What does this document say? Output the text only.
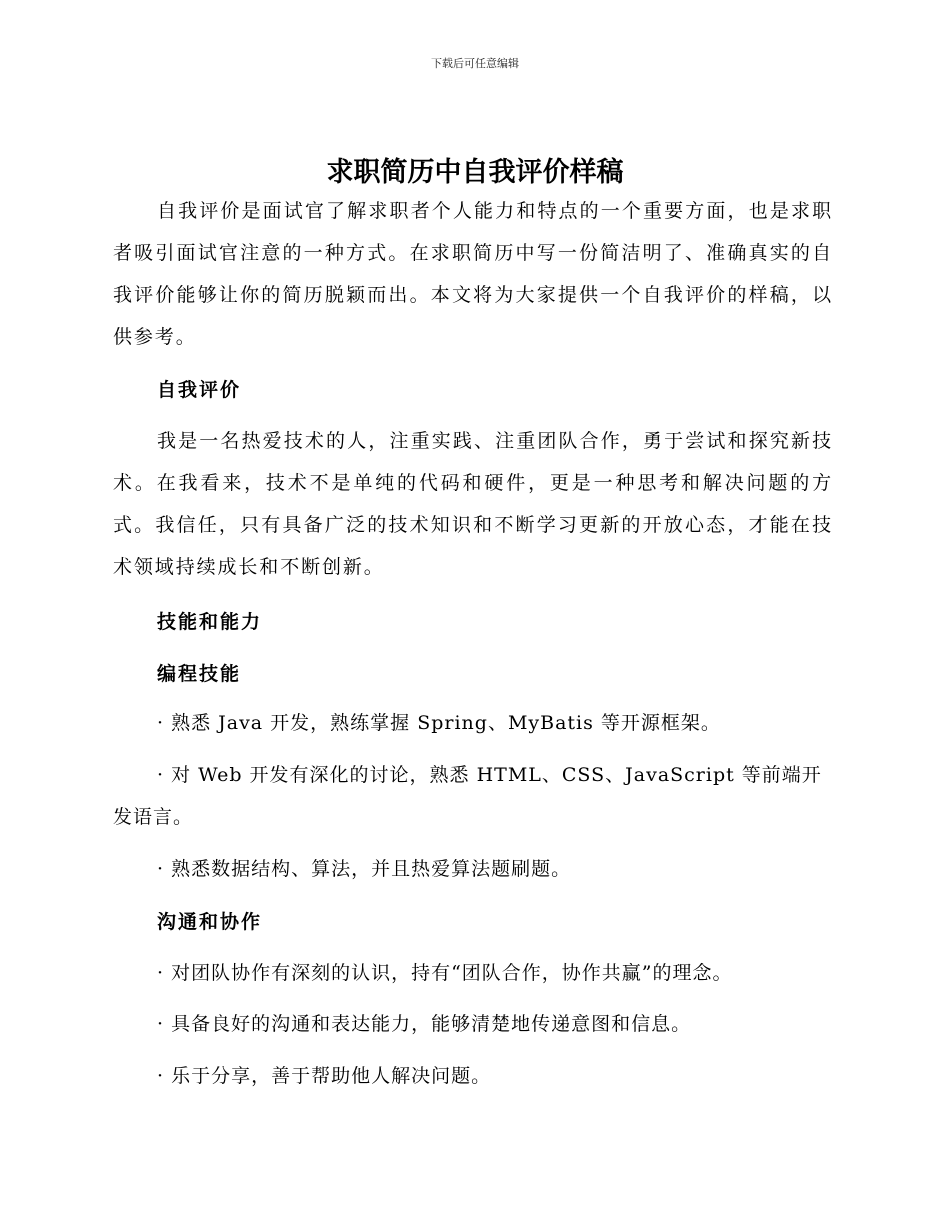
下载后可任意编辑
求职简历中自我评价样稿

自我评价是面试官了解求职者个人能力和特点的一个重要方面，也是求职者吸引面试官注意的一种方式。在求职简历中写一份简洁明了、准确真实的自我评价能够让你的简历脱颖而出。本文将为大家提供一个自我评价的样稿，以供参考。

自我评价

我是一名热爱技术的人，注重实践、注重团队合作，勇于尝试和探究新技术。在我看来，技术不是单纯的代码和硬件，更是一种思考和解决问题的方式。我信任，只有具备广泛的技术知识和不断学习更新的开放心态，才能在技术领域持续成长和不断创新。

技能和能力

编程技能

· 熟悉 Java 开发，熟练掌握 Spring、MyBatis 等开源框架。

· 对 Web 开发有深化的讨论，熟悉 HTML、CSS、JavaScript 等前端开发语言。

· 熟悉数据结构、算法，并且热爱算法题刷题。

沟通和协作

· 对团队协作有深刻的认识，持有“团队合作，协作共赢”的理念。

· 具备良好的沟通和表达能力，能够清楚地传递意图和信息。

· 乐于分享，善于帮助他人解决问题。
